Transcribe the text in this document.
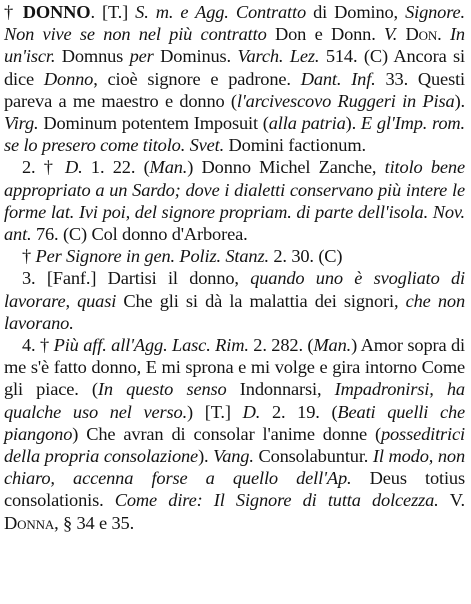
† DONNO. [T.] S. m. e Agg. Contratto di Domino, Signore. Non vive se non nel più contratto Don e Donn. V. Don. In un'iscr. Domnus per Dominus. Varch. Lez. 514. (C) Ancora si dice Donno, cioè signore e padrone. Dant. Inf. 33. Questi pareva a me maestro e donno (l'arcivescovo Ruggeri in Pisa). Virg. Dominum potentem Imposuit (alla patria). E gl'Imp. rom. se lo presero come titolo. Svet. Domini factionum.

2. † D. 1. 22. (Man.) Donno Michel Zanche, titolo bene appropriato a un Sardo; dove i dialetti conservano più intere le forme lat. Ivi poi, del signore propriam. di parte dell'isola. Nov. ant. 76. (C) Col donno d'Arborea.

† Per Signore in gen. Poliz. Stanz. 2. 30. (C)

3. [Fanf.] Dartisi il donno, quando uno è svogliato di lavorare, quasi Che gli si dà la malattia dei signori, che non lavorano.

4. † Più aff. all'Agg. Lasc. Rim. 2. 282. (Man.) Amor sopra di me s'è fatto donno, E mi sprona e mi volge e gira intorno Come gli piace. (In questo senso Indonnarsi, Impadronirsi, ha qualche uso nel verso.) [T.] D. 2. 19. (Beati quelli che piangono) Che avran di consolar l'anime donne (posseditrici della propria consolazione). Vang. Consolabuntur. Il modo, non chiaro, accenna forse a quello dell'Ap. Deus totius consolationis. Come dire: Il Signore di tutta dolcezza. V. Donna, § 34 e 35.
